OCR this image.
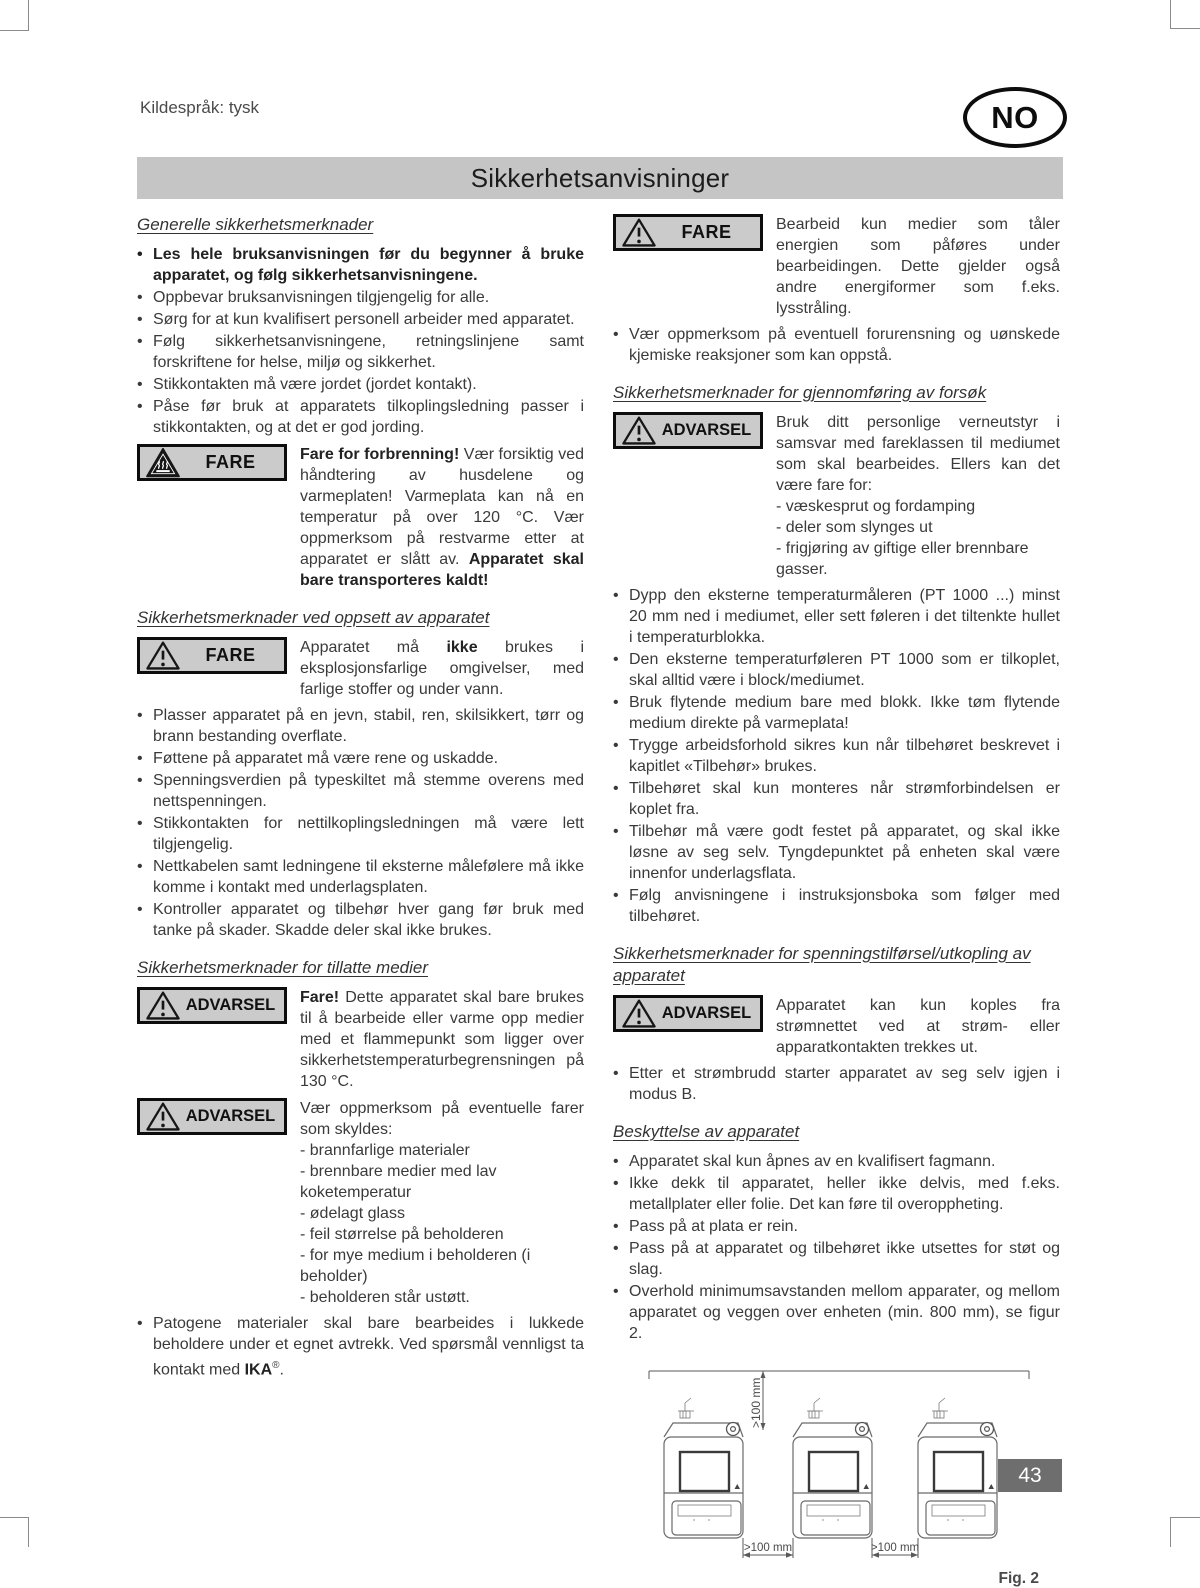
Kildespråk: tysk	NO
Sikkerhetsanvisninger
Generelle sikkerhetsmerknader
• Les hele bruksanvisningen før du begynner å bruke apparatet, og følg sikkerhetsanvisningene.
• Oppbevar bruksanvisningen tilgjengelig for alle.
• Sørg for at kun kvalifisert personell arbeider med apparatet.
• Følg sikkerhetsanvisningene, retningslinjene samt forskriftene for helse, miljø og sikkerhet.
• Stikkontakten må være jordet (jordet kontakt).
• Påse før bruk at apparatets tilkoplingsledning passer i stikkontakten, og at det er god jording.
FARE	Fare for forbrenning! Vær forsiktig ved håndtering av husdelene og varmeplaten! Varmeplata kan nå en temperatur på over 120 °C. Vær oppmerksom på restvarme etter at apparatet er slått av. Apparatet skal bare transporteres kaldt!
Sikkerhetsmerknader ved oppsett av apparatet
FARE	Apparatet må ikke brukes i eksplosjonsfarlige omgivelser, med farlige stoffer og under vann.
• Plasser apparatet på en jevn, stabil, ren, skilsikkert, tørr og brann bestanding overflate.
• Føttene på apparatet må være rene og uskadde.
• Spenningsverdien på typeskiltet må stemme overens med nettspenningen.
• Stikkontakten for nettilkoplingsledningen må være lett tilgjengelig.
• Nettkabelen samt ledningene til eksterne målefølere må ikke komme i kontakt med underlagsplaten.
• Kontroller apparatet og tilbehør hver gang før bruk med tanke på skader. Skadde deler skal ikke brukes.
Sikkerhetsmerknader for tillatte medier
ADVARSEL	Fare! Dette apparatet skal bare brukes til å bearbeide eller varme opp medier med et flammepunkt som ligger over sikkerhetstemperaturbegrensningen på 130 °C.
ADVARSEL	Vær oppmerksom på eventuelle farer som skyldes:
- brannfarlige materialer
- brennbare medier med lav koketemperatur
- ødelagt glass
- feil størrelse på beholderen
- for mye medium i beholderen (i beholder)
- beholderen står ustøtt.
• Patogene materialer skal bare bearbeides i lukkede beholdere under et egnet avtrekk. Ved spørsmål vennligst ta kontakt med IKA®.
FARE	Bearbeid kun medier som tåler energien som påføres under bearbeidingen. Dette gjelder også andre energiformer som f.eks. lysstråling.
• Vær oppmerksom på eventuell forurensning og uønskede kjemiske reaksjoner som kan oppstå.
Sikkerhetsmerknader for gjennomføring av forsøk
ADVARSEL	Bruk ditt personlige verneutstyr i samsvar med fareklassen til mediumet som skal bearbeides. Ellers kan det være fare for:
- væskesprut og fordamping
- deler som slynges ut
- frigjøring av giftige eller brennbare gasser.
• Dypp den eksterne temperaturmåleren (PT 1000 ...) minst 20 mm ned i mediumet, eller sett føleren i det tiltenkte hullet i temperaturblokka.
• Den eksterne temperaturføleren PT 1000 som er tilkoplet, skal alltid være i block/mediumet.
• Bruk flytende medium bare med blokk. Ikke tøm flytende medium direkte på varmeplata!
• Trygge arbeidsforhold sikres kun når tilbehøret beskrevet i kapitlet «Tilbehør» brukes.
• Tilbehøret skal kun monteres når strømforbindelsen er koplet fra.
• Tilbehør må være godt festet på apparatet, og skal ikke løsne av seg selv. Tyngdepunktet på enheten skal være innenfor underlagsflata.
• Følg anvisningene i instruksjonsboka som følger med tilbehøret.
Sikkerhetsmerknader for spenningstilførsel/utkopling av apparatet
ADVARSEL	Apparatet kan kun koples fra strømnettet ved at strøm- eller apparatkontakten trekkes ut.
• Etter et strømbrudd starter apparatet av seg selv igjen i modus B.
Beskyttelse av apparatet
• Apparatet skal kun åpnes av en kvalifisert fagmann.
• Ikke dekk til apparatet, heller ikke delvis, med f.eks. metallplater eller folie. Det kan føre til overoppheting.
• Pass på at plata er rein.
• Pass på at apparatet og tilbehøret ikke utsettes for støt og slag.
• Overhold minimumsavstanden mellom apparater, og mellom apparatet og veggen over enheten (min. 800 mm), se figur 2.
>100 mm
>100 mm	>100 mm
Fig. 2
43
